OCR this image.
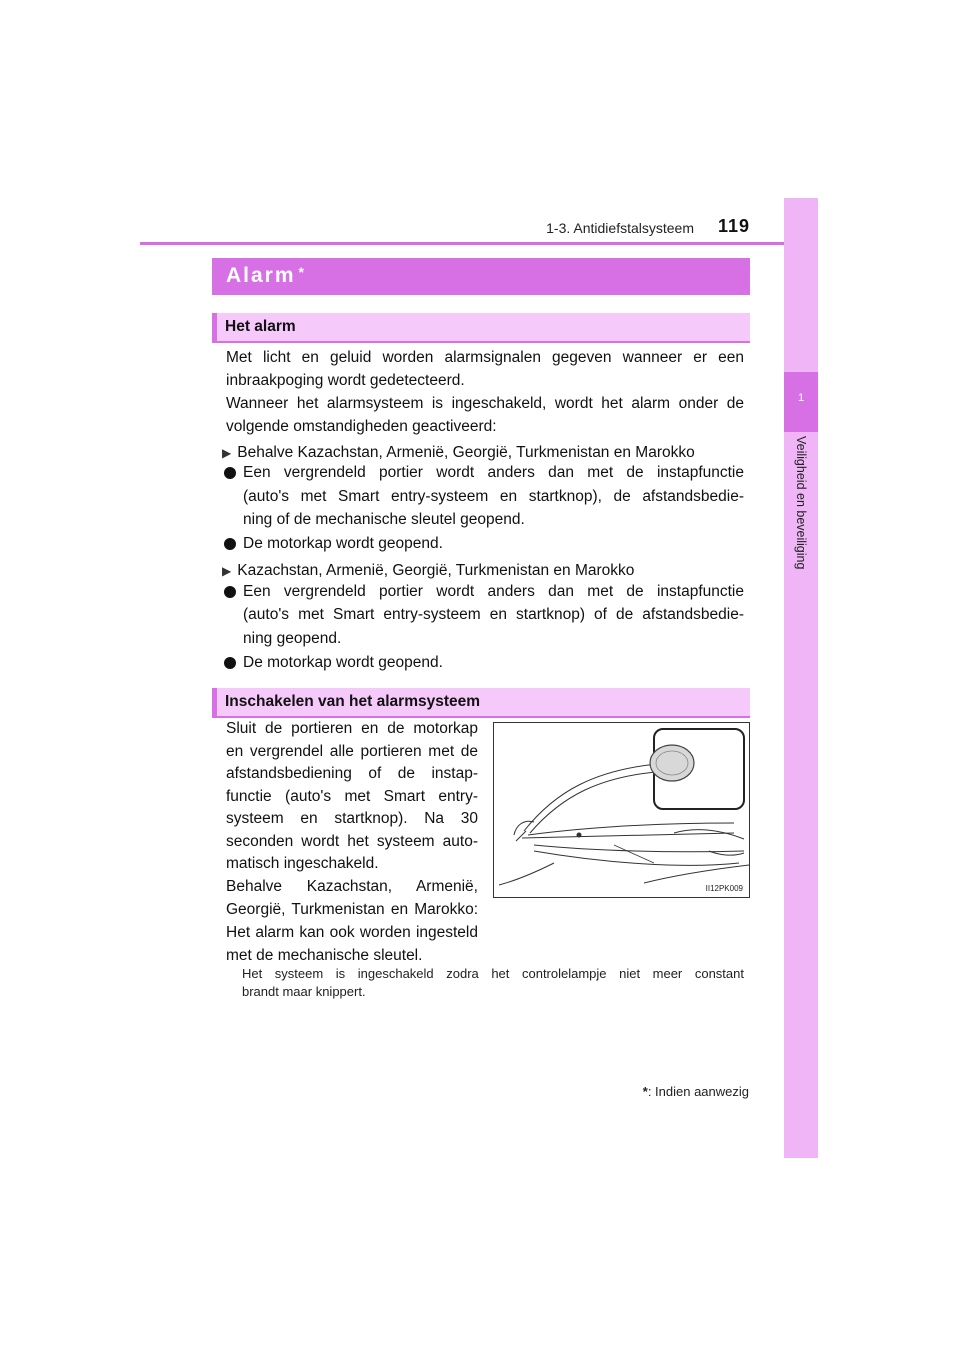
1-3. Antidiefstalsysteem 119
1
Veiligheid en beveiliging
Alarm *
Het alarm
Met licht en geluid worden alarmsignalen gegeven wanneer er een
inbraakpoging wordt gedetecteerd.
Wanneer het alarmsysteem is ingeschakeld, wordt het alarm onder de
volgende omstandigheden geactiveerd:
▶ Behalve Kazachstan, Armenië, Georgië, Turkmenistan en Marokko
Een vergrendeld portier wordt anders dan met de instapfunctie
(auto's met Smart entry-systeem en startknop), de afstandsbedie-
ning of de mechanische sleutel geopend.
De motorkap wordt geopend.
▶ Kazachstan, Armenië, Georgië, Turkmenistan en Marokko
Een vergrendeld portier wordt anders dan met de instapfunctie
(auto's met Smart entry-systeem en startknop) of de afstandsbedie-
ning geopend.
De motorkap wordt geopend.
Inschakelen van het alarmsysteem
Sluit de portieren en de motorkap
en vergrendel alle portieren met de
afstandsbediening of de instap-
functie (auto's met Smart entry-
systeem en startknop). Na 30
seconden wordt het systeem auto-
matisch ingeschakeld.
Behalve Kazachstan, Armenië,
Georgië, Turkmenistan en Marokko:
Het alarm kan ook worden ingesteld
met de mechanische sleutel.
II12PK009
Het systeem is ingeschakeld zodra het controlelampje niet meer constant
brandt maar knippert.
*: Indien aanwezig
